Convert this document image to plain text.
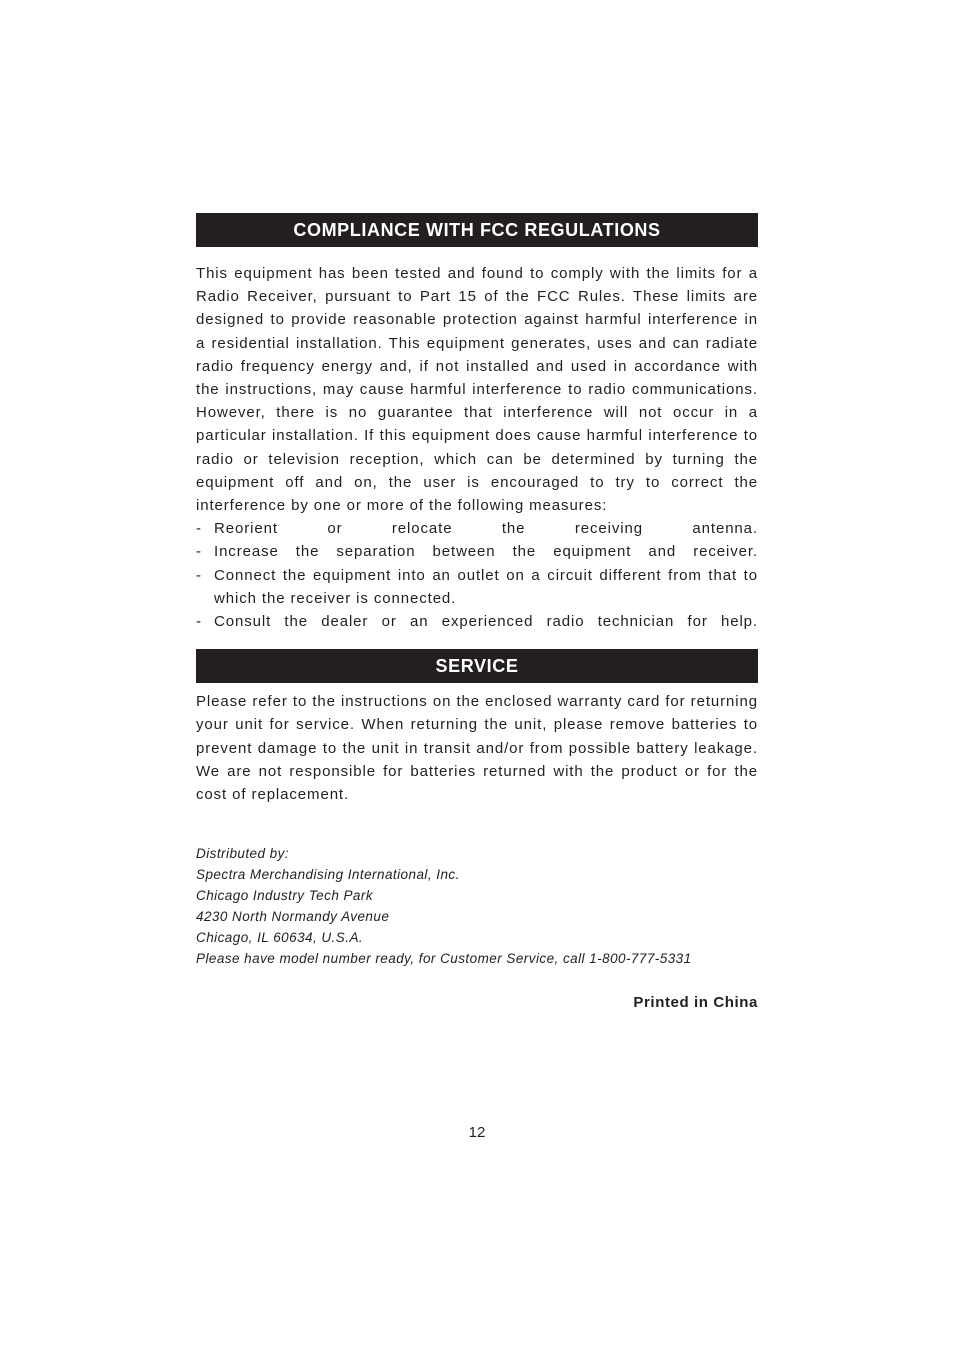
COMPLIANCE WITH FCC REGULATIONS

This equipment has been tested and found to comply with the limits for a Radio Receiver, pursuant to Part 15 of the FCC Rules. These limits are designed to provide reasonable protection against harmful interference in a residential installation. This equipment generates, uses and can radiate radio frequency energy and, if not installed and used in accordance with the instructions, may cause harmful interference to radio communications. However, there is no guarantee that interference will not occur in a particular installation. If this equipment does cause harmful interference to radio or television reception, which can be determined by turning the equipment off and on, the user is encouraged to try to correct the interference by one or more of the following measures:

- Reorient or relocate the receiving antenna.
- Increase the separation between the equipment and receiver.
- Connect the equipment into an outlet on a circuit different from that to which the receiver is connected.
- Consult the dealer or an experienced radio technician for help.
SERVICE

Please refer to the instructions on the enclosed warranty card for returning your unit for service. When returning the unit, please remove batteries to prevent damage to the unit in transit and/or from possible battery leakage. We are not responsible for batteries returned with the product or for the cost of replacement.

Distributed by:
Spectra Merchandising International, Inc.
Chicago Industry Tech Park
4230 North Normandy Avenue
Chicago, IL 60634, U.S.A.
Please have model number ready, for Customer Service, call 1-800-777-5331
Printed in China
12
